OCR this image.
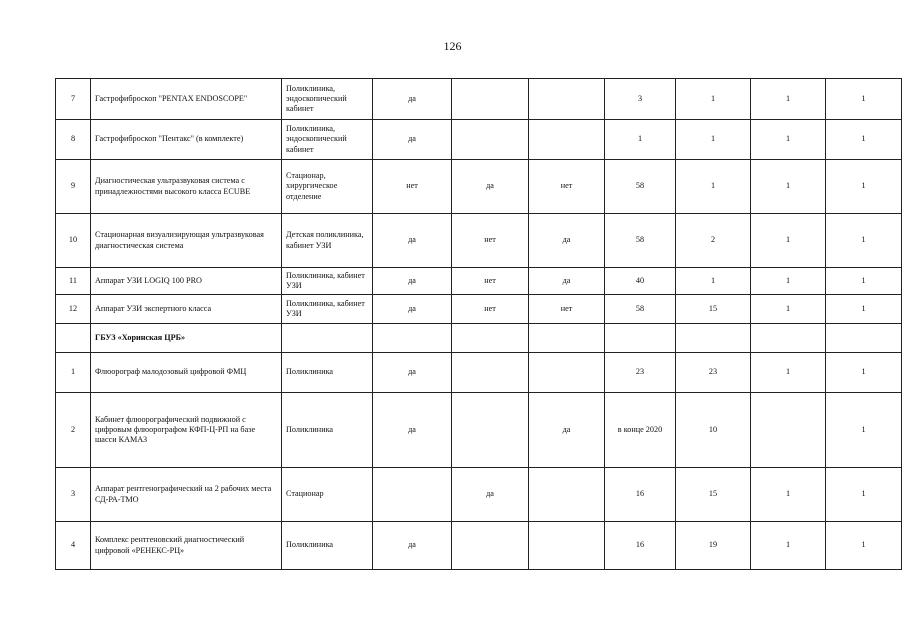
126
7	Гастрофиброскоп "PENTAX ENDOSCOPE"	Поликлиника, эндоскопический кабинет	да			3	1	1	1
8	Гастрофиброскоп "Пентакс" (в комплекте)	Поликлиника, эндоскопический кабинет	да			1	1	1	1
9	Диагностическая ультразвуковая система с принадлежностями высокого класса ECUBE	Стационар, хирургическое отделение	нет	да	нет	58	1	1	1
10	Стационарная визуализирующая ультразвуковая диагностическая система	Детская поликлиника, кабинет УЗИ	да	нет	да	58	2	1	1
11	Аппарат УЗИ LOGIQ 100 PRO	Поликлиника, кабинет УЗИ	да	нет	да	40	1	1	1
12	Аппарат УЗИ экспертного класса	Поликлиника, кабинет УЗИ	да	нет	нет	58	15	1	1
	ГБУЗ «Хоринская ЦРБ»								
1	Флюорограф малодозовый цифровой ФМЦ	Поликлиника	да			23	23	1	1
2	Кабинет флюорографический подвижной с цифровым флюорографом КФП-Ц-РП на базе шасси КАМАЗ	Поликлиника	да		да	в конце 2020	10		1
3	Аппарат рентгенографический на 2 рабочих места СД-РА-ТМО	Стационар		да		16	15	1	1
4	Комплекс рентгеновский диагностический цифровой «РЕНЕКС-РЦ»	Поликлиника	да			16	19	1	1
